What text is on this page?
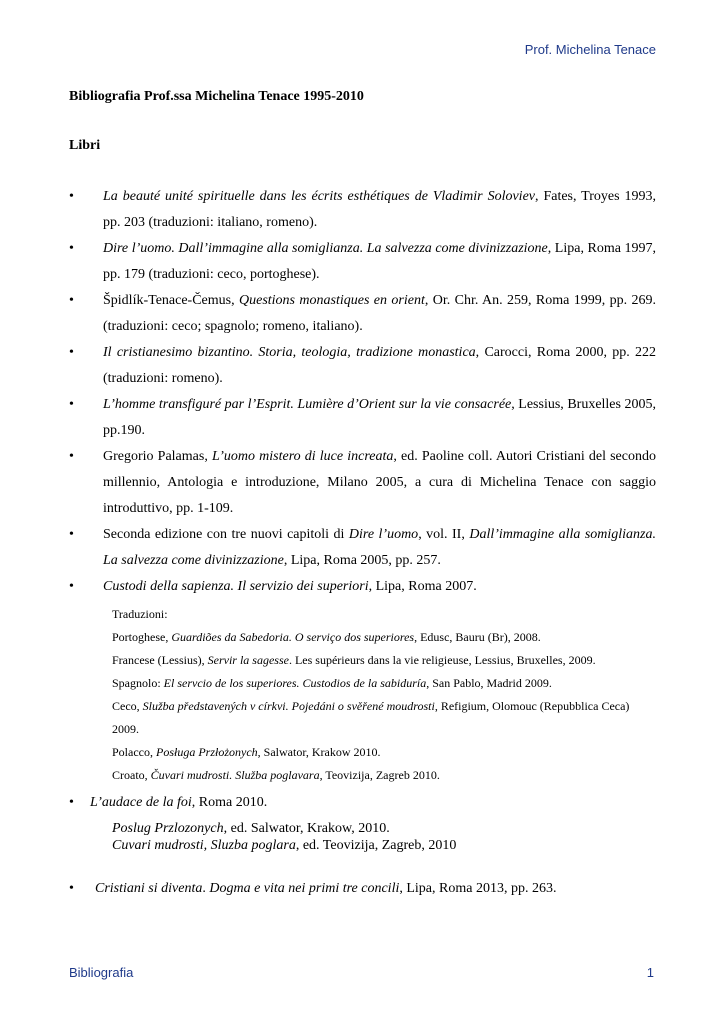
Prof. Michelina Tenace
Bibliografia Prof.ssa Michelina Tenace 1995-2010
Libri
• La beauté unité spirituelle dans les écrits esthétiques de Vladimir Soloviev, Fates, Troyes 1993, pp. 203 (traduzioni: italiano, romeno).
• Dire l’uomo. Dall’immagine alla somiglianza. La salvezza come divinizzazione, Lipa, Roma 1997, pp. 179 (traduzioni: ceco, portoghese).
• Špidlík-Tenace-Čemus, Questions monastiques en orient, Or. Chr. An. 259, Roma 1999, pp. 269. (traduzioni: ceco; spagnolo; romeno, italiano).
• Il cristianesimo bizantino. Storia, teologia, tradizione monastica, Carocci, Roma 2000, pp. 222 (traduzioni: romeno).
• L’homme transfiguré par l’Esprit. Lumière d’Orient sur la vie consacrée, Lessius, Bruxelles 2005, pp.190.
• Gregorio Palamas, L’uomo mistero di luce increata, ed. Paoline coll. Autori Cristiani del secondo millennio, Antologia e introduzione, Milano 2005, a cura di Michelina Tenace con saggio introduttivo, pp. 1-109.
• Seconda edizione con tre nuovi capitoli di Dire l’uomo, vol. II, Dall’immagine alla somiglianza. La salvezza come divinizzazione, Lipa, Roma 2005, pp. 257.
• Custodi della sapienza. Il servizio dei superiori, Lipa, Roma 2007.
Traduzioni:
Portoghese, Guardiões da Sabedoria. O serviço dos superiores, Edusc, Bauru (Br), 2008.
Francese (Lessius), Servir la sagesse. Les supérieurs dans la vie religieuse, Lessius, Bruxelles, 2009.
Spagnolo: El servcio de los superiores. Custodios de la sabiduría, San Pablo, Madrid 2009.
Ceco, Služba představených v církvi. Pojedáni o svěřené moudrosti, Refigium, Olomouc (Repubblica Ceca) 2009.
Polacco, Posługa Przłożonych, Salwator, Krakow 2010.
Croato, Čuvari mudrosti. Služba poglavara, Teovizija, Zagreb 2010.
• L’audace de la foi, Roma 2010.
Poslug Przlozonych, ed. Salwator, Krakow, 2010.
Cuvari mudrosti, Sluzba poglara, ed. Teovizija, Zagreb, 2010
• Cristiani si diventa. Dogma e vita nei primi tre concili, Lipa, Roma 2013, pp. 263.
Bibliografia	1
